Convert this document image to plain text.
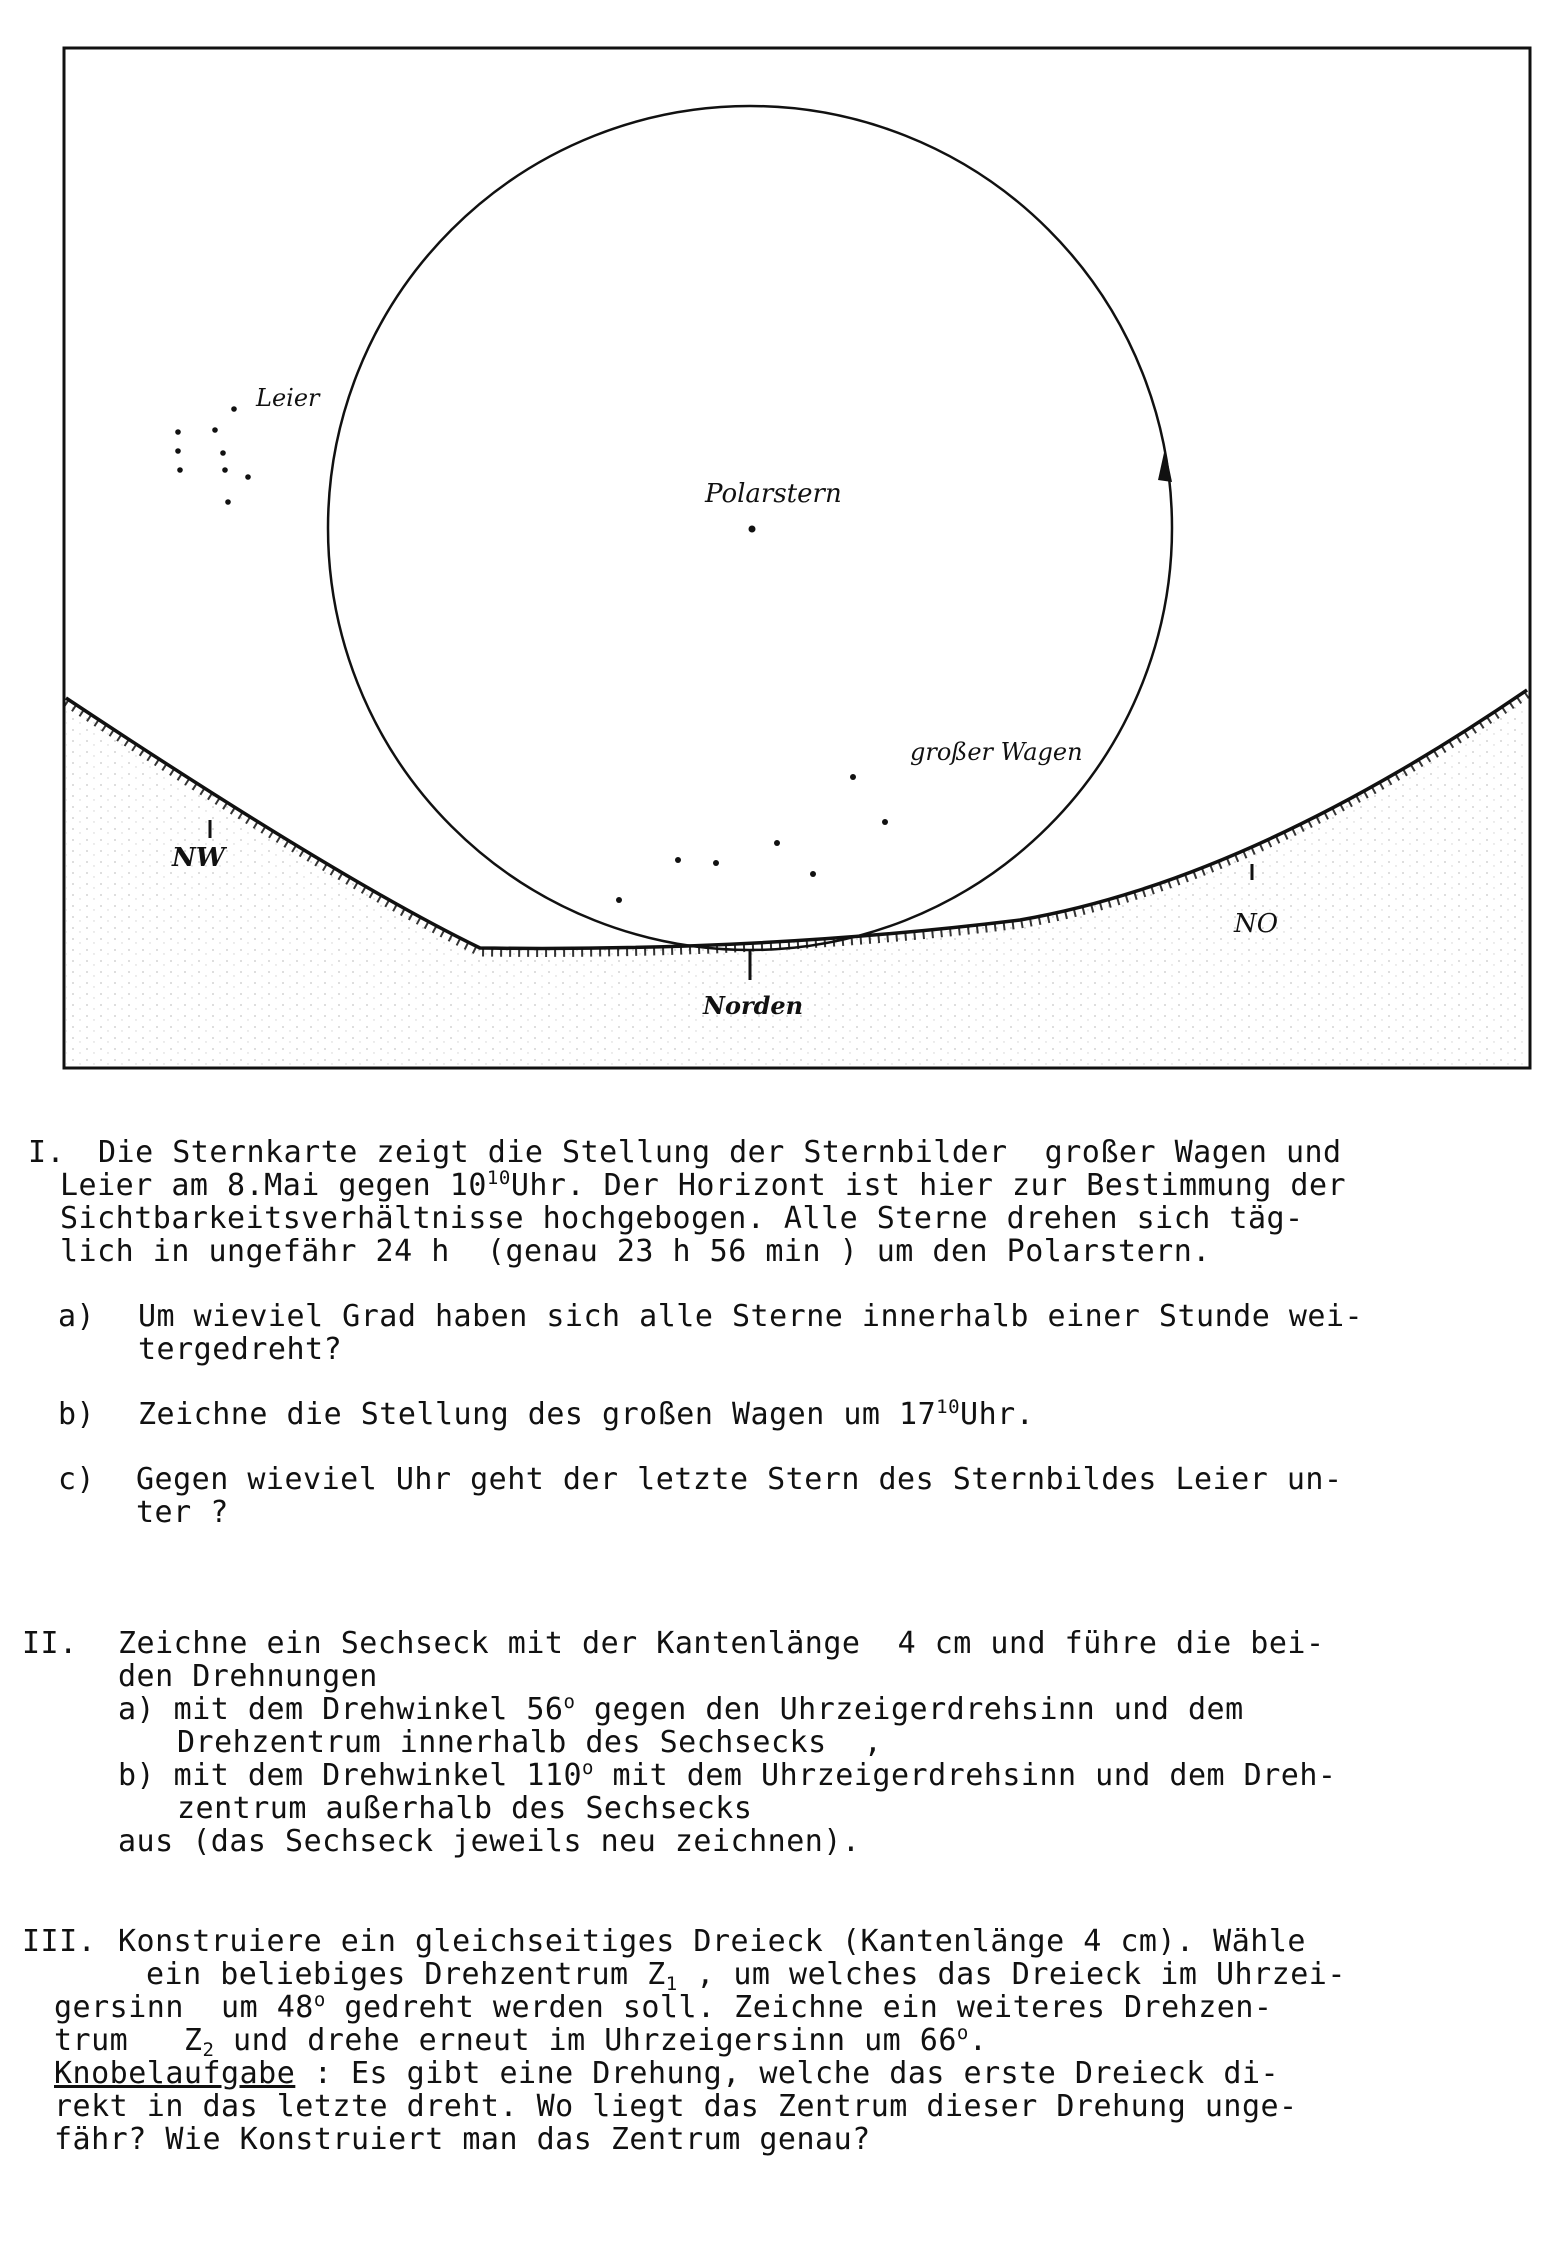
Polarstern
Leier
großer Wagen
NW
Norden
NO
I. Die Sternkarte zeigt die Stellung der Sternbilder  großer Wagen und
Leier am 8.Mai gegen $10^{10}Uhr$. Der Horizont ist hier zur Bestimmung der
Sichtbarkeitsverhältnisse hochgebogen. Alle Sterne drehen sich täg-
lich in ungefähr 24 h  (genau 23 h 56 min ) um den Polarstern.
a) Um wieviel Grad haben sich alle Sterne innerhalb einer Stunde wei-
tergedreht?
b) Zeichne die Stellung des großen Wagen um $17^{10}Uhr$.
c) Gegen wieviel Uhr geht der letzte Stern des Sternbildes Leier un-
ter ?
II. Zeichne ein Sechseck mit der Kantenlänge  4 cm und führe die bei-
den Drehnungen
a) mit dem Drehwinkel 56$^o$ gegen den Uhrzeigerdrehsinn und dem
Drehzentrum innerhalb des Sechsecks  ,
b) mit dem Drehwinkel 110$^o$ mit dem Uhrzeigerdrehsinn und dem Dreh-
zentrum außerhalb des Sechsecks
aus (das Sechseck jeweils neu zeichnen).
III. Konstruiere ein gleichseitiges Dreieck (Kantenlänge 4 cm). Wähle
ein beliebiges Drehzentrum $Z_1$ , um welches das Dreieck im Uhrzei-
gersinn  um 48$^o$ gedreht werden soll. Zeichne ein weiteres Drehzen-
trum   $Z_2$ und drehe erneut im Uhrzeigersinn um 66$^o$.
Knobelaufgabe : Es gibt eine Drehung, welche das erste Dreieck di-
rekt in das letzte dreht. Wo liegt das Zentrum dieser Drehung unge-
fähr? Wie Konstruiert man das Zentrum genau?
